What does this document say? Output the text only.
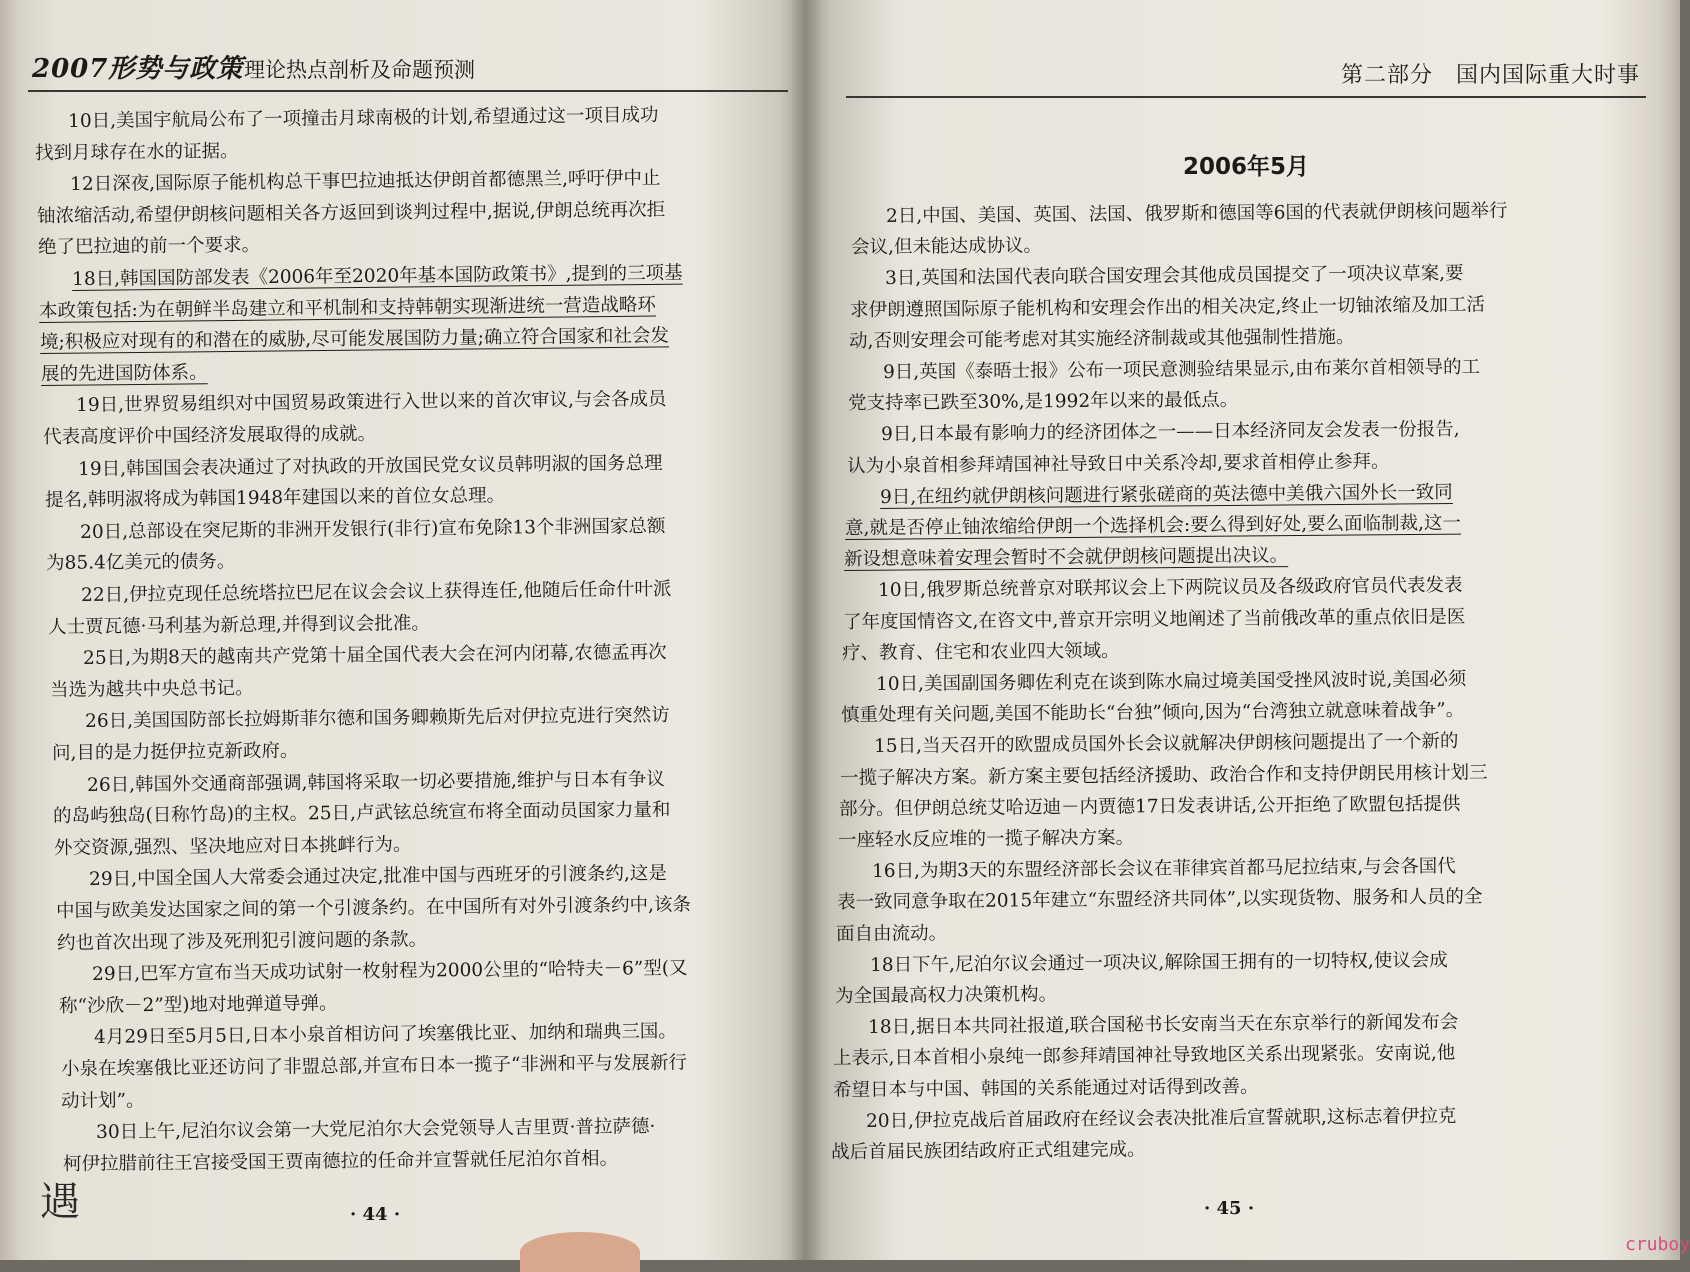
2007形势与政策 理论热点剖析及命题预测
10日,美国宇航局公布了一项撞击月球南极的计划,希望通过这一项目成功
找到月球存在水的证据。
12日深夜,国际原子能机构总干事巴拉迪抵达伊朗首都德黑兰,呼吁伊中止
铀浓缩活动,希望伊朗核问题相关各方返回到谈判过程中,据说,伊朗总统再次拒
绝了巴拉迪的前一个要求。
18日,韩国国防部发表《2006年至2020年基本国防政策书》,提到的三项基
本政策包括:为在朝鲜半岛建立和平机制和支持韩朝实现渐进统一营造战略环
境;积极应对现有的和潜在的威胁,尽可能发展国防力量;确立符合国家和社会发
展的先进国防体系。
19日,世界贸易组织对中国贸易政策进行入世以来的首次审议,与会各成员
代表高度评价中国经济发展取得的成就。
19日,韩国国会表决通过了对执政的开放国民党女议员韩明淑的国务总理
提名,韩明淑将成为韩国1948年建国以来的首位女总理。
20日,总部设在突尼斯的非洲开发银行(非行)宣布免除13个非洲国家总额
为85.4亿美元的债务。
22日,伊拉克现任总统塔拉巴尼在议会会议上获得连任,他随后任命什叶派
人士贾瓦德·马利基为新总理,并得到议会批准。
25日,为期8天的越南共产党第十届全国代表大会在河内闭幕,农德孟再次
当选为越共中央总书记。
26日,美国国防部长拉姆斯菲尔德和国务卿赖斯先后对伊拉克进行突然访
问,目的是力挺伊拉克新政府。
26日,韩国外交通商部强调,韩国将采取一切必要措施,维护与日本有争议
的岛屿独岛(日称竹岛)的主权。25日,卢武铉总统宣布将全面动员国家力量和
外交资源,强烈、坚决地应对日本挑衅行为。
29日,中国全国人大常委会通过决定,批准中国与西班牙的引渡条约,这是
中国与欧美发达国家之间的第一个引渡条约。在中国所有对外引渡条约中,该条
约也首次出现了涉及死刑犯引渡问题的条款。
29日,巴军方宣布当天成功试射一枚射程为2000公里的“哈特夫－6”型(又
称“沙欣－2”型)地对地弹道导弹。
4月29日至5月5日,日本小泉首相访问了埃塞俄比亚、加纳和瑞典三国。
小泉在埃塞俄比亚还访问了非盟总部,并宣布日本一揽子“非洲和平与发展新行
动计划”。
30日上午,尼泊尔议会第一大党尼泊尔大会党领导人吉里贾·普拉萨德·
柯伊拉腊前往王宫接受国王贾南德拉的任命并宣誓就任尼泊尔首相。
遇	· 44 ·
第二部分　国内国际重大时事
2006年5月
2日,中国、美国、英国、法国、俄罗斯和德国等6国的代表就伊朗核问题举行
会议,但未能达成协议。
3日,英国和法国代表向联合国安理会其他成员国提交了一项决议草案,要
求伊朗遵照国际原子能机构和安理会作出的相关决定,终止一切铀浓缩及加工活
动,否则安理会可能考虑对其实施经济制裁或其他强制性措施。
9日,英国《泰晤士报》公布一项民意测验结果显示,由布莱尔首相领导的工
党支持率已跌至30%,是1992年以来的最低点。
9日,日本最有影响力的经济团体之一——日本经济同友会发表一份报告,
认为小泉首相参拜靖国神社导致日中关系冷却,要求首相停止参拜。
9日,在纽约就伊朗核问题进行紧张磋商的英法德中美俄六国外长一致同
意,就是否停止铀浓缩给伊朗一个选择机会:要么得到好处,要么面临制裁,这一
新设想意味着安理会暂时不会就伊朗核问题提出决议。
10日,俄罗斯总统普京对联邦议会上下两院议员及各级政府官员代表发表
了年度国情咨文,在咨文中,普京开宗明义地阐述了当前俄改革的重点依旧是医
疗、教育、住宅和农业四大领域。
10日,美国副国务卿佐利克在谈到陈水扁过境美国受挫风波时说,美国必须
慎重处理有关问题,美国不能助长“台独”倾向,因为“台湾独立就意味着战争”。
15日,当天召开的欧盟成员国外长会议就解决伊朗核问题提出了一个新的
一揽子解决方案。新方案主要包括经济援助、政治合作和支持伊朗民用核计划三
部分。但伊朗总统艾哈迈迪－内贾德17日发表讲话,公开拒绝了欧盟包括提供
一座轻水反应堆的一揽子解决方案。
16日,为期3天的东盟经济部长会议在菲律宾首都马尼拉结束,与会各国代
表一致同意争取在2015年建立“东盟经济共同体”,以实现货物、服务和人员的全
面自由流动。
18日下午,尼泊尔议会通过一项决议,解除国王拥有的一切特权,使议会成
为全国最高权力决策机构。
18日,据日本共同社报道,联合国秘书长安南当天在东京举行的新闻发布会
上表示,日本首相小泉纯一郎参拜靖国神社导致地区关系出现紧张。安南说,他
希望日本与中国、韩国的关系能通过对话得到改善。
20日,伊拉克战后首届政府在经议会表决批准后宣誓就职,这标志着伊拉克
战后首届民族团结政府正式组建完成。
· 45 ·
cruboy
